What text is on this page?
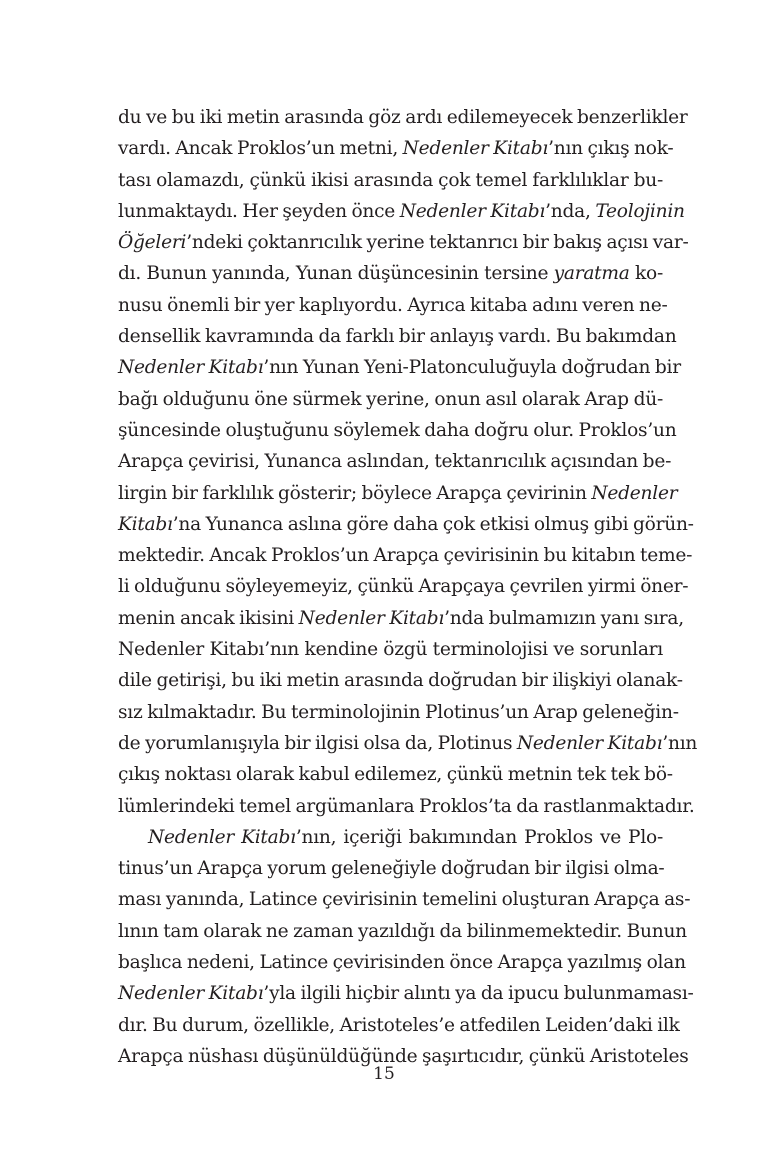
du ve bu iki metin arasında göz ardı edilemeyecek benzerlikler
vardı. Ancak Proklos’un metni, Nedenler Kitabı’nın çıkış nok-
tası olamazdı, çünkü ikisi arasında çok temel farklılıklar bu-
lunmaktaydı. Her şeyden önce Nedenler Kitabı’nda, Teolojinin
Öğeleri’ndeki çoktanrıcılık yerine tektanrıcı bir bakış açısı var-
dı. Bunun yanında, Yunan düşüncesinin tersine yaratma ko-
nusu önemli bir yer kaplıyordu. Ayrıca kitaba adını veren ne-
densellik kavramında da farklı bir anlayış vardı. Bu bakımdan
Nedenler Kitabı’nın Yunan Yeni-Platonculuğuyla doğrudan bir
bağı olduğunu öne sürmek yerine, onun asıl olarak Arap dü-
şüncesinde oluştuğunu söylemek daha doğru olur. Proklos’un
Arapça çevirisi, Yunanca aslından, tektanrıcılık açısından be-
lirgin bir farklılık gösterir; böylece Arapça çevirinin Nedenler
Kitabı’na Yunanca aslına göre daha çok etkisi olmuş gibi görün-
mektedir. Ancak Proklos’un Arapça çevirisinin bu kitabın teme-
li olduğunu söyleyemeyiz, çünkü Arapçaya çevrilen yirmi öner-
menin ancak ikisini Nedenler Kitabı’nda bulmamızın yanı sıra,
Nedenler Kitabı’nın kendine özgü terminolojisi ve sorunları
dile getirişi, bu iki metin arasında doğrudan bir ilişkiyi olanak-
sız kılmaktadır. Bu terminolojinin Plotinus’un Arap geleneğin-
de yorumlanışıyla bir ilgisi olsa da, Plotinus Nedenler Kitabı’nın
çıkış noktası olarak kabul edilemez, çünkü metnin tek tek bö-
lümlerindeki temel argümanlara Proklos’ta da rastlanmaktadır.
Nedenler Kitabı’nın, içeriği bakımından Proklos ve Plo-
tinus’un Arapça yorum geleneğiyle doğrudan bir ilgisi olma-
ması yanında, Latince çevirisinin temelini oluşturan Arapça as-
lının tam olarak ne zaman yazıldığı da bilinmemektedir. Bunun
başlıca nedeni, Latince çevirisinden önce Arapça yazılmış olan
Nedenler Kitabı’yla ilgili hiçbir alıntı ya da ipucu bulunmaması-
dır. Bu durum, özellikle, Aristoteles’e atfedilen Leiden’daki ilk
Arapça nüshası düşünüldüğünde şaşırtıcıdır, çünkü Aristoteles
15
